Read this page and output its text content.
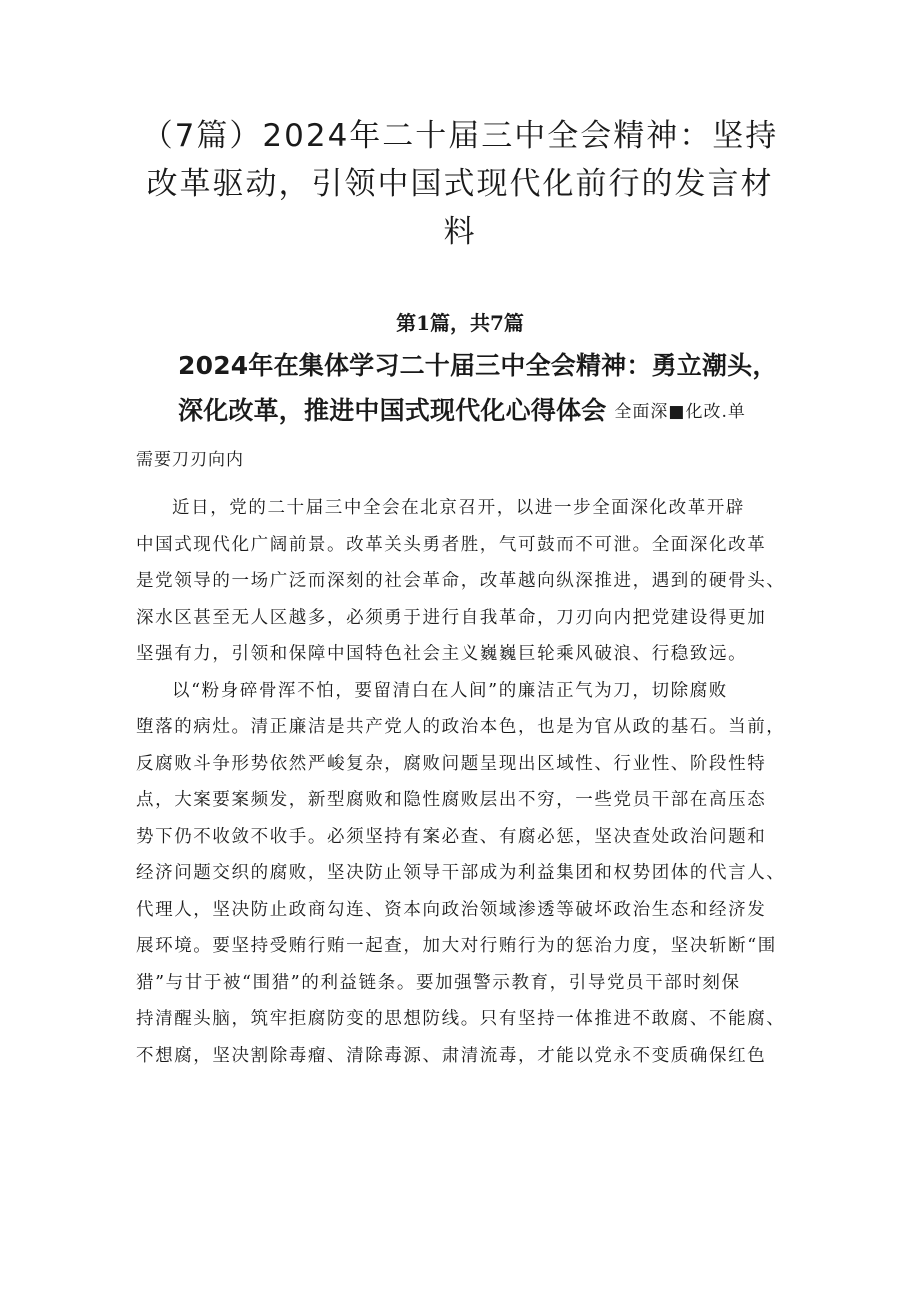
（7篇）2024年二十届三中全会精神：坚持
改革驱动，引领中国式现代化前行的发言材
料
第1篇，共7篇
2024年在集体学习二十届三中全会精神：勇立潮头，
深化改革，推进中国式现代化心得体会 全面深■化改.单
需要刀刃向内

近日，党的二十届三中全会在北京召开，以进一步全面深化改革开辟
中国式现代化广阔前景。改革关头勇者胜，气可鼓而不可泄。全面深化改革
是党领导的一场广泛而深刻的社会革命，改革越向纵深推进，遇到的硬骨头、
深水区甚至无人区越多，必须勇于进行自我革命，刀刃向内把党建设得更加
坚强有力，引领和保障中国特色社会主义巍巍巨轮乘风破浪、行稳致远。

以“粉身碎骨浑不怕，要留清白在人间”的廉洁正气为刀，切除腐败
堕落的病灶。清正廉洁是共产党人的政治本色，也是为官从政的基石。当前，
反腐败斗争形势依然严峻复杂，腐败问题呈现出区域性、行业性、阶段性特
点，大案要案频发，新型腐败和隐性腐败层出不穷，一些党员干部在高压态
势下仍不收敛不收手。必须坚持有案必查、有腐必惩，坚决查处政治问题和
经济问题交织的腐败，坚决防止领导干部成为利益集团和权势团体的代言人、
代理人，坚决防止政商勾连、资本向政治领域渗透等破坏政治生态和经济发
展环境。要坚持受贿行贿一起查，加大对行贿行为的惩治力度，坚决斩断“围
猎”与甘于被“围猎”的利益链条。要加强警示教育，引导党员干部时刻保
持清醒头脑，筑牢拒腐防变的思想防线。只有坚持一体推进不敢腐、不能腐、
不想腐，坚决割除毒瘤、清除毒源、肃清流毒，才能以党永不变质确保红色
